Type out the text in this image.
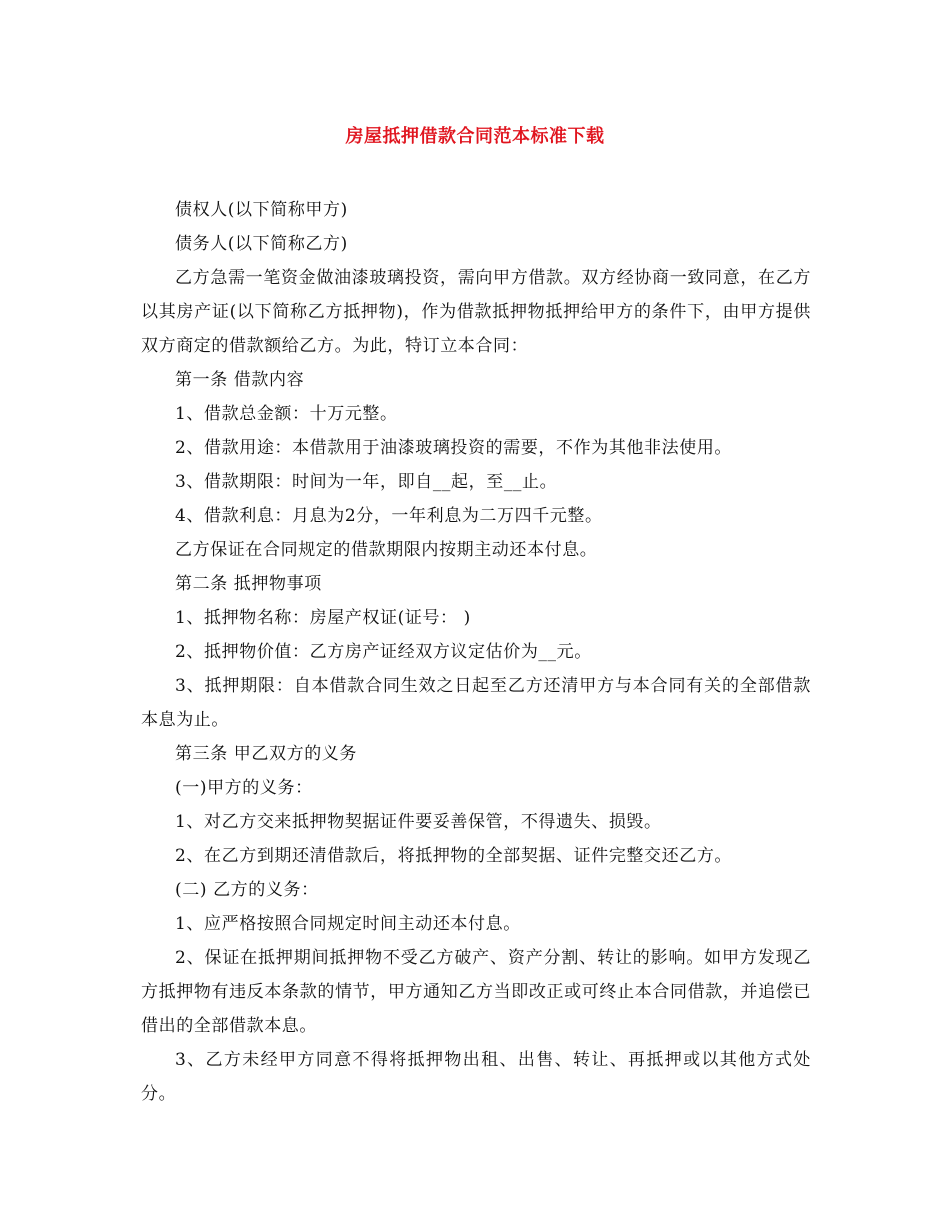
房屋抵押借款合同范本标准下载

债权人(以下简称甲方)

债务人(以下简称乙方)

乙方急需一笔资金做油漆玻璃投资，需向甲方借款。双方经协商一致同意，在乙方以其房产证(以下简称乙方抵押物)，作为借款抵押物抵押给甲方的条件下，由甲方提供双方商定的借款额给乙方。为此，特订立本合同：

第一条 借款内容

1、借款总金额：十万元整。

2、借款用途：本借款用于油漆玻璃投资的需要，不作为其他非法使用。

3、借款期限：时间为一年，即自__起，至__止。

4、借款利息：月息为2分，一年利息为二万四千元整。

乙方保证在合同规定的借款期限内按期主动还本付息。

第二条 抵押物事项

1、抵押物名称：房屋产权证(证号： )

2、抵押物价值：乙方房产证经双方议定估价为__元。

3、抵押期限：自本借款合同生效之日起至乙方还清甲方与本合同有关的全部借款本息为止。

第三条 甲乙双方的义务

(一)甲方的义务：

1、对乙方交来抵押物契据证件要妥善保管，不得遗失、损毁。

2、在乙方到期还清借款后，将抵押物的全部契据、证件完整交还乙方。

(二) 乙方的义务：

1、应严格按照合同规定时间主动还本付息。

2、保证在抵押期间抵押物不受乙方破产、资产分割、转让的影响。如甲方发现乙方抵押物有违反本条款的情节，甲方通知乙方当即改正或可终止本合同借款，并追偿已借出的全部借款本息。

3、乙方未经甲方同意不得将抵押物出租、出售、转让、再抵押或以其他方式处分。
